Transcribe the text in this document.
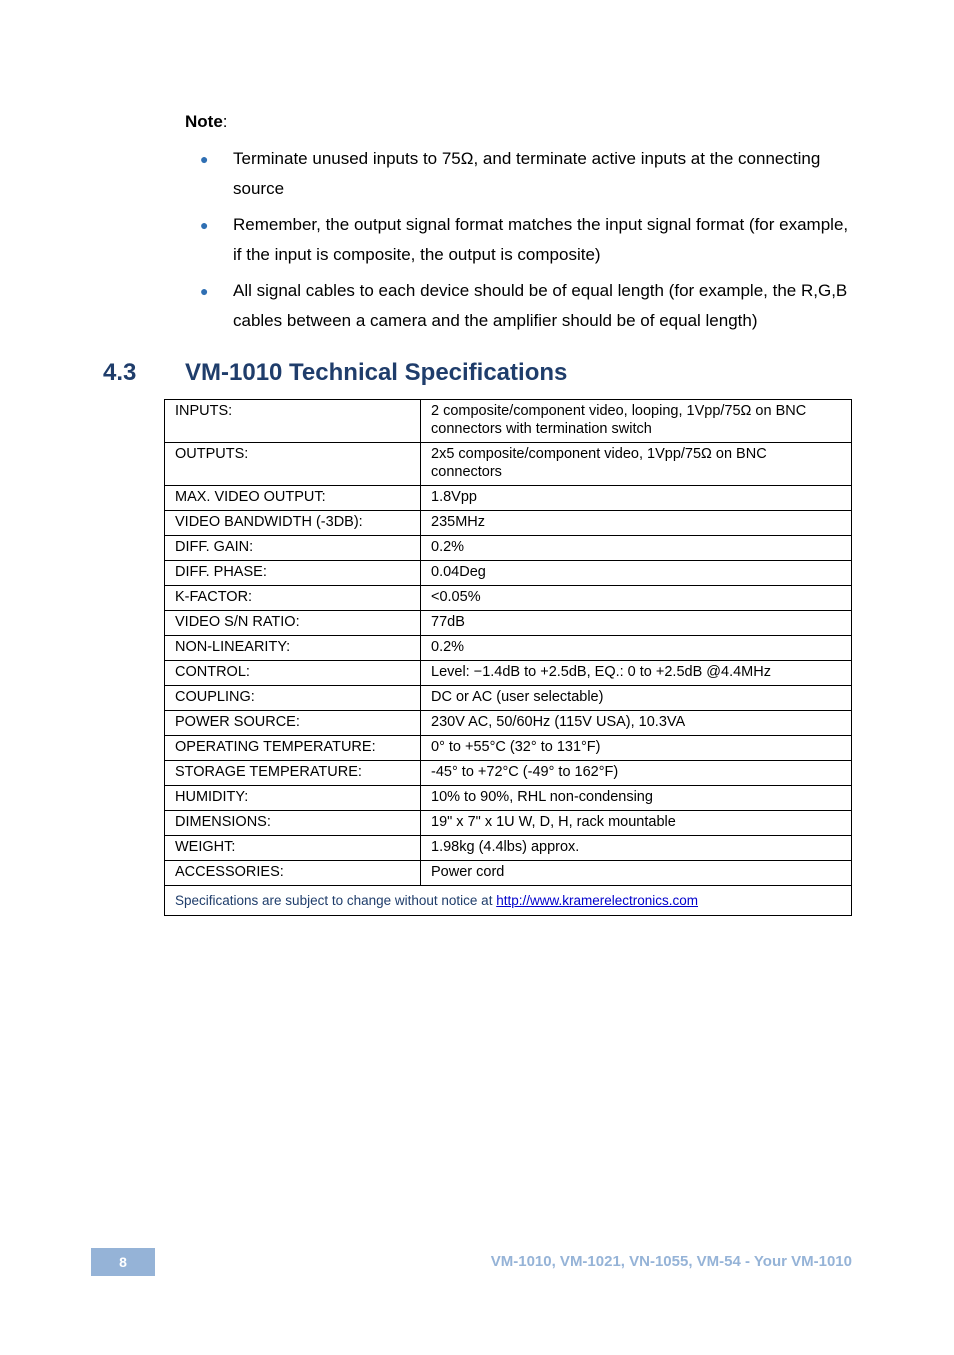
Note:
● Terminate unused inputs to 75Ω, and terminate active inputs at the connecting source
● Remember, the output signal format matches the input signal format (for example, if the input is composite, the output is composite)
● All signal cables to each device should be of equal length (for example, the R,G,B cables between a camera and the amplifier should be of equal length)
4.3 VM-1010 Technical Specifications
INPUTS:	2 composite/component video, looping, 1Vpp/75Ω on BNC connectors with termination switch
OUTPUTS:	2x5 composite/component video, 1Vpp/75Ω on BNC connectors
MAX. VIDEO OUTPUT:	1.8Vpp
VIDEO BANDWIDTH (-3DB):	235MHz
DIFF. GAIN:	0.2%
DIFF. PHASE:	0.04Deg
K-FACTOR:	<0.05%
VIDEO S/N RATIO:	77dB
NON-LINEARITY:	0.2%
CONTROL:	Level: −1.4dB to +2.5dB, EQ.: 0 to +2.5dB @4.4MHz
COUPLING:	DC or AC (user selectable)
POWER SOURCE:	230V AC, 50/60Hz (115V USA), 10.3VA
OPERATING TEMPERATURE:	0° to +55°C (32° to 131°F)
STORAGE TEMPERATURE:	-45° to +72°C (-49° to 162°F)
HUMIDITY:	10% to 90%, RHL non-condensing
DIMENSIONS:	19" x 7" x 1U W, D, H, rack mountable
WEIGHT:	1.98kg (4.4lbs) approx.
ACCESSORIES:	Power cord
Specifications are subject to change without notice at http://www.kramerelectronics.com	
8	VM-1010, VM-1021, VN-1055, VM-54 - Your VM-1010
